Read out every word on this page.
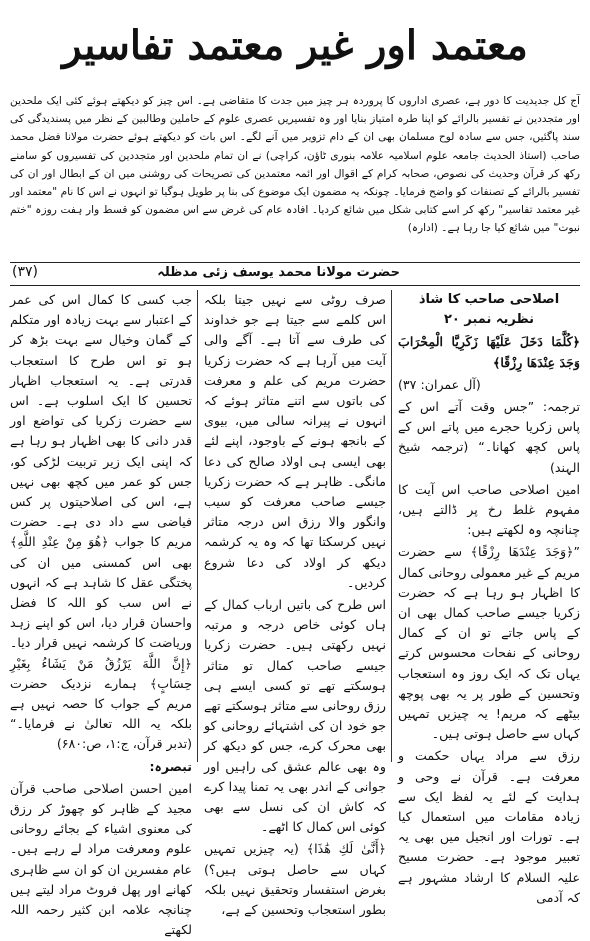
معتمد اور غیر معتمد تفاسیر

آج کل جدیدیت کا دور ہے، عصری اداروں کا پروردہ ہر چیز میں جدت کا متقاضی ہے۔ اس چیز کو دیکھتے ہوئے کئی ایک ملحدین اور متجددین نے تفسیر بالرائے کو اپنا طرہ امتیاز بنایا اور وہ تفسیریں عصری علوم کے حاملین وطالبین کے نظر میں پسندیدگی کی سند پاگئیں، جس سے سادہ لوح مسلمان بھی ان کے دام تزویر میں آنے لگے۔ اس بات کو دیکھتے ہوئے حضرت مولانا فضل محمد صاحب (استاذ الحدیث جامعہ علوم اسلامیہ علامہ بنوری ٹاؤن، کراچی) نے ان تمام ملحدین اور متجددین کی تفسیروں کو سامنے رکھ کر قرآن وحدیث کی نصوص، صحابہ کرام کے اقوال اور ائمہ معتمدین کی تصریحات کی روشنی میں ان کے ابطال اور ان کی تفسیر بالرائے کے تصنفات کو واضح فرمایا۔ چونکہ یہ مضمون ایک موضوع کی بنا پر طویل ہوگیا تو انہوں نے اس کا نام "معتمد اور غیر معتمد تفاسیر" رکھ کر اسے کتابی شکل میں شائع کردیا۔ افادہ عام کی غرض سے اس مضمون کو قسط وار ہفت روزہ "ختم نبوت" میں شائع کیا جا رہا ہے۔ (ادارہ)

حضرت مولانا محمد یوسف زئی مدظلہ
(۳۷)
اصلاحی صاحب کا شاذ نظریہ نمبر ۲۰

﴿كُلَّمَا دَخَلَ عَلَيْهَا زَكَرِيَّا الْمِحْرَابَ وَجَدَ عِنْدَهَا رِزْقًا﴾

(آل عمران: ۳۷)

ترجمہ: ”جس وقت آتے اس کے پاس زکریا حجرے میں پاتے اس کے پاس کچھ کھانا۔“ (ترجمہ شیخ الہند)

امین اصلاحی صاحب اس آیت کا مفہوم غلط رخ پر ڈالتے ہیں، چنانچہ وہ لکھتے ہیں:

”﴿وَجَدَ عِنْدَهَا رِزْقًا﴾ سے حضرت مریم کے غیر معمولی روحانی کمال کا اظہار ہو رہا ہے کہ حضرت زکریا جیسے صاحب کمال بھی ان کے پاس جاتے تو ان کے کمال روحانی کے نفحات محسوس کرتے یہاں تک کہ ایک روز وہ استعجاب وتحسین کے طور پر یہ بھی پوچھ بیٹھے کہ مریم! یہ چیزیں تمہیں کہاں سے حاصل ہوتی ہیں۔

رزق سے مراد یہاں حکمت و معرفت ہے۔ قرآن نے وحی و ہدایت کے لئے یہ لفظ ایک سے زیادہ مقامات میں استعمال کیا ہے۔ تورات اور انجیل میں بھی یہ تعبیر موجود ہے۔ حضرت مسیح علیہ السلام کا ارشاد مشہور ہے کہ آدمی

صرف روٹی سے نہیں جیتا بلکہ اس کلمے سے جیتا ہے جو خداوند کی طرف سے آتا ہے۔ آگے والی آیت میں آرہا ہے کہ حضرت زکریا حضرت مریم کی علم و معرفت کی باتوں سے اتنے متاثر ہوئے کہ انہوں نے پیرانہ سالی میں، بیوی کے بانجھ ہونے کے باوجود، اپنے لئے بھی ایسی ہی اولاد صالح کی دعا مانگی۔ ظاہر ہے کہ حضرت زکریا جیسے صاحب معرفت کو سیب وانگور والا رزق اس درجہ متاثر نہیں کرسکتا تھا کہ وہ یہ کرشمہ دیکھ کر اولاد کی دعا شروع کردیں۔

اس طرح کی باتیں ارباب کمال کے ہاں کوئی خاص درجہ و مرتبہ نہیں رکھتی ہیں۔ حضرت زکریا جیسے صاحب کمال تو متاثر ہوسکتے تھے تو کسی ایسے ہی رزق روحانی سے متاثر ہوسکتے تھے جو خود ان کی اشتہائے روحانی کو بھی محرک کرے، جس کو دیکھ کر وہ بھی عالم عشق کی راہیں اور جوانی کے اندر بھی یہ تمنا پیدا کرے کہ کاش ان کی نسل سے بھی کوئی اس کمال کا اٹھے۔

﴿أَنَّىٰ لَكِ هَٰذَا﴾ (یہ چیزیں تمہیں کہاں سے حاصل ہوتی ہیں؟) بغرض استفسار وتحقیق نہیں بلکہ بطور استعجاب وتحسین کے ہے،

جب کسی کا کمال اس کی عمر کے اعتبار سے بہت زیادہ اور متکلم کے گمان وخیال سے بہت بڑھ کر ہو تو اس طرح کا استعجاب قدرتی ہے۔ یہ استعجاب اظہار تحسین کا ایک اسلوب ہے۔ اس سے حضرت زکریا کی تواضع اور قدر دانی کا بھی اظہار ہو رہا ہے کہ اپنی ایک زیر تربیت لڑکی کو، جس کو عمر میں کچھ بھی نہیں ہے، اس کی اصلاحیتوں پر کس فیاضی سے داد دی ہے۔ حضرت مریم کا جواب ﴿هُوَ مِنْ عِنْدِ اللَّهِ﴾ بھی اس کمسنی میں ان کی پختگی عقل کا شاہد ہے کہ انہوں نے اس سب کو اللہ کا فضل واحسان قرار دیا، اس کو اپنے زہد وریاضت کا کرشمہ نہیں قرار دیا۔ ﴿إِنَّ اللَّهَ يَرْزُقُ مَنْ يَشَاءُ بِغَيْرِ حِسَابٍ﴾ ہمارے نزدیک حضرت مریم کے جواب کا حصہ نہیں ہے بلکہ یہ اللہ تعالیٰ نے فرمایا۔“ (تدبر قرآن، ج:۱، ص:۶۸۰)

تبصرہ:

امین احسن اصلاحی صاحب قرآن مجید کے ظاہر کو چھوڑ کر رزق کی معنوی اشیاء کے بجائے روحانی علوم ومعرفت مراد لے رہے ہیں۔ عام مفسرین ان کو ان سے ظاہری کھانے اور پھل فروٹ مراد لیتے ہیں چنانچہ علامہ ابن کثیر رحمہ اللہ لکھتے
